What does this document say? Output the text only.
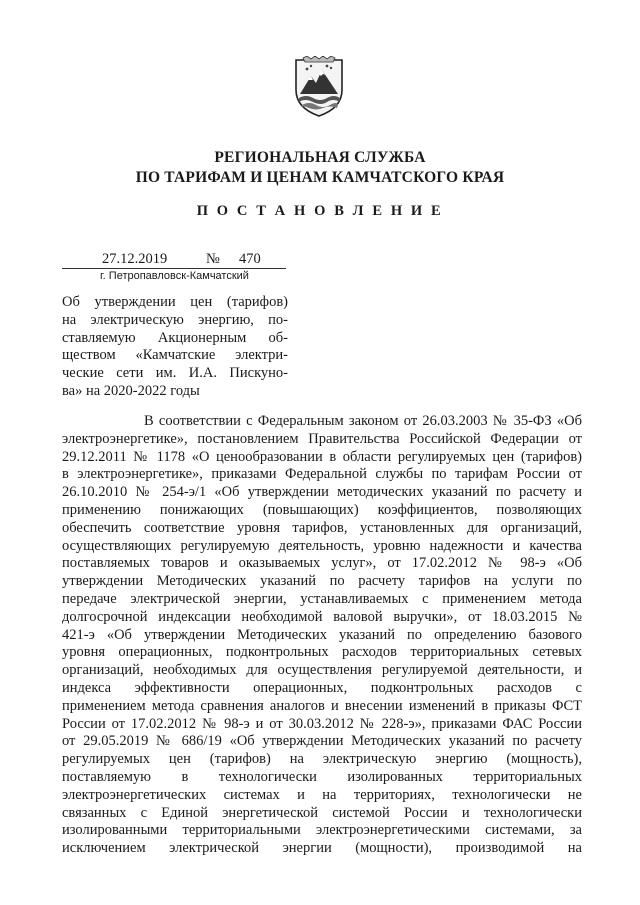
РЕГИОНАЛЬНАЯ СЛУЖБА
ПО ТАРИФАМ И ЦЕНАМ КАМЧАТСКОГО КРАЯ
П О С Т А Н О В Л Е Н И Е
27.12.2019	№ 470
г. Петропавловск-Камчатский
Об утверждении цен (тарифов)
на электрическую энергию, по-
ставляемую Акционерным об-
ществом «Камчатские электри-
ческие сети им. И.А. Пискуно-
ва» на 2020-2022 годы
В соответствии с Федеральным законом от 26.03.2003 № 35-ФЗ «Об
электроэнергетике», постановлением Правительства Российской Федерации от
29.12.2011 № 1178 «О ценообразовании в области регулируемых цен (тарифов)
в электроэнергетике», приказами Федеральной службы по тарифам России от
26.10.2010 № 254-э/1 «Об утверждении методических указаний по расчету и
применению понижающих (повышающих) коэффициентов, позволяющих
обеспечить соответствие уровня тарифов, установленных для организаций,
осуществляющих регулируемую деятельность, уровню надежности и качества
поставляемых товаров и оказываемых услуг», от 17.02.2012 № 98-э «Об
утверждении Методических указаний по расчету тарифов на услуги по
передаче электрической энергии, устанавливаемых с применением метода
долгосрочной индексации необходимой валовой выручки», от 18.03.2015 №
421-э «Об утверждении Методических указаний по определению базового
уровня операционных, подконтрольных расходов территориальных сетевых
организаций, необходимых для осуществления регулируемой деятельности, и
индекса эффективности операционных, подконтрольных расходов с
применением метода сравнения аналогов и внесении изменений в приказы ФСТ
России от 17.02.2012 № 98-э и от 30.03.2012 № 228-э», приказами ФАС России
от 29.05.2019 № 686/19 «Об утверждении Методических указаний по расчету
регулируемых цен (тарифов) на электрическую энергию (мощность),
поставляемую в технологически изолированных территориальных
электроэнергетических системах и на территориях, технологически не
связанных с Единой энергетической системой России и технологически
изолированными территориальными электроэнергетическими системами, за
исключением электрической энергии (мощности), производимой на
